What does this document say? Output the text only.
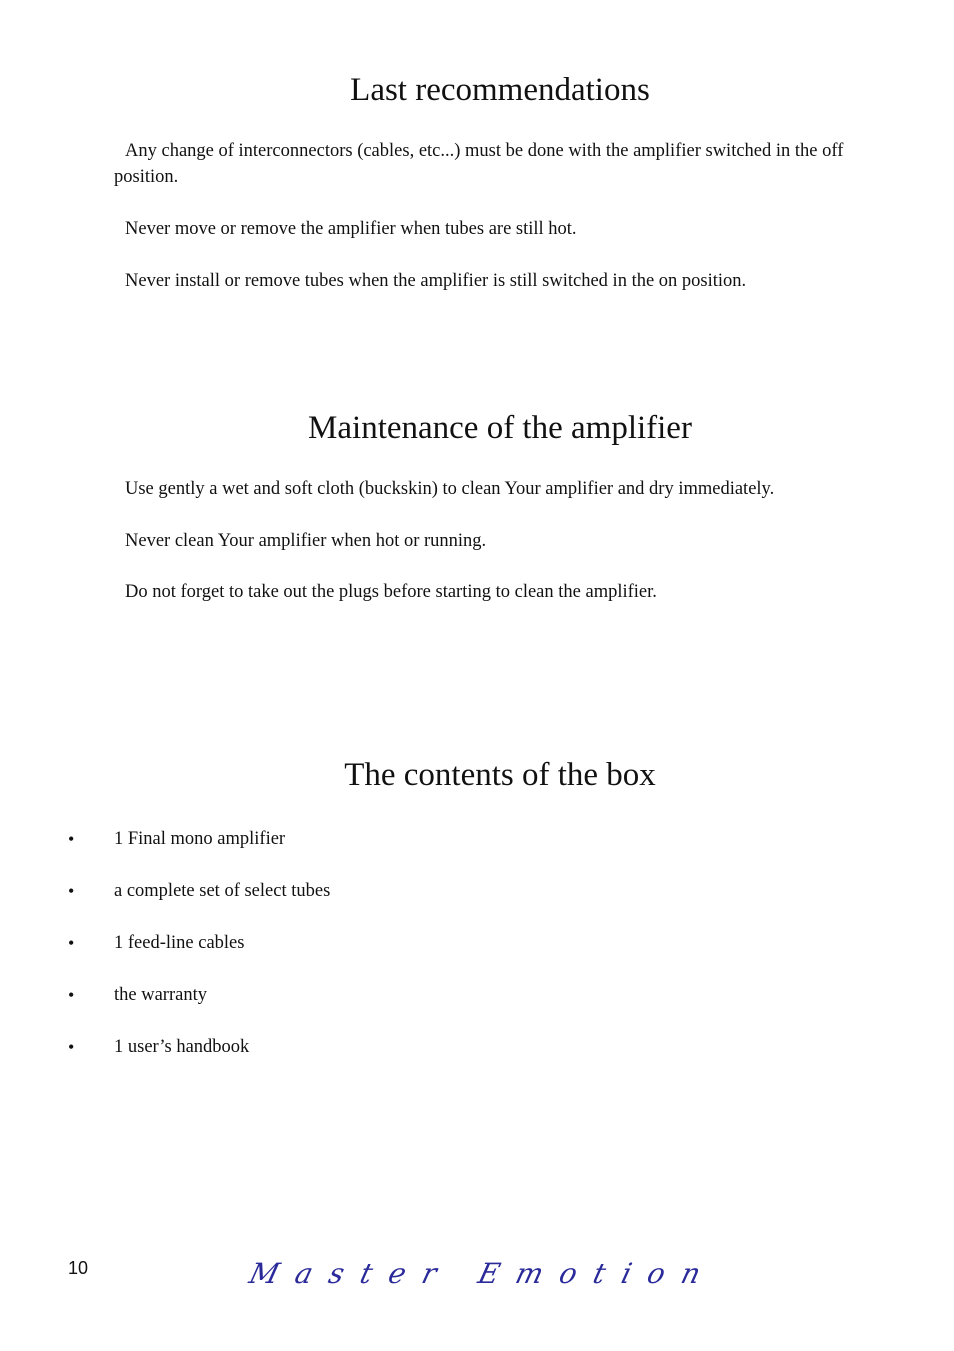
Last recommendations

Any change of interconnectors (cables, etc...) must be done with the amplifier switched in the off position.

Never move or remove the amplifier when tubes are still hot.

Never install or remove tubes when the amplifier is still switched in the on position.

Maintenance of the amplifier

Use gently a wet and soft cloth (buckskin) to clean Your amplifier and dry immediately.

Never clean Your amplifier when hot or running.

Do not forget to take out the plugs before starting to clean the amplifier.

The contents of the box
• 1 Final mono amplifier
• a complete set of select tubes
• 1 feed-line cables
• the warranty
• 1 user’s handbook
10	Master Emotion
